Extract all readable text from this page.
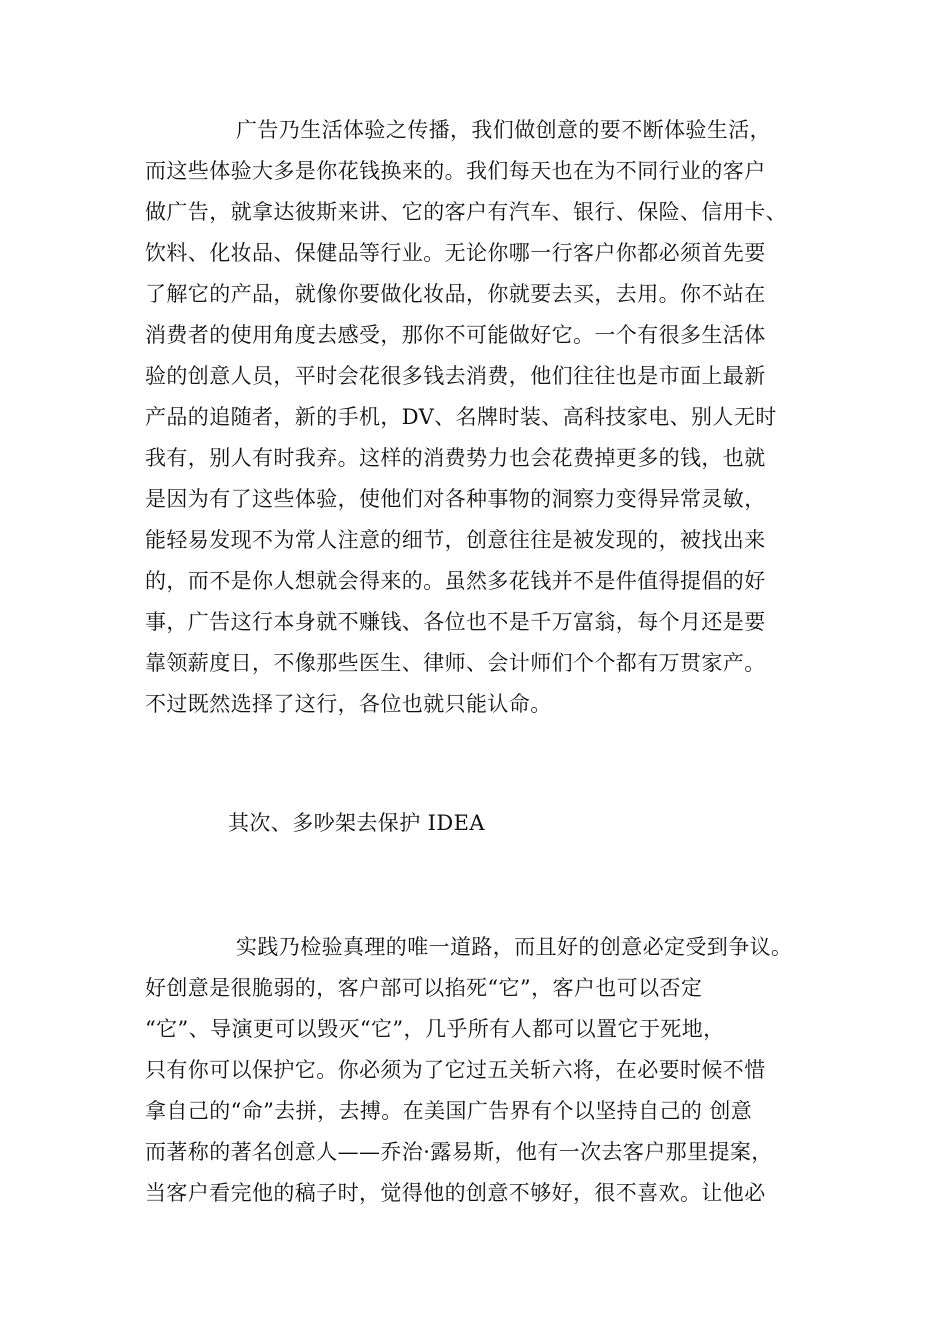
广告乃生活体验之传播，我们做创意的要不断体验生活，
而这些体验大多是你花钱换来的。我们每天也在为不同行业的客户
做广告，就拿达彼斯来讲、它的客户有汽车、银行、保险、信用卡、
饮料、化妆品、保健品等行业。无论你哪一行客户你都必须首先要
了解它的产品，就像你要做化妆品，你就要去买，去用。你不站在
消费者的使用角度去感受，那你不可能做好它。一个有很多生活体
验的创意人员，平时会花很多钱去消费，他们往往也是市面上最新
产品的追随者，新的手机，DV、名牌时装、高科技家电、别人无时
我有，别人有时我弃。这样的消费势力也会花费掉更多的钱，也就
是因为有了这些体验，使他们对各种事物的洞察力变得异常灵敏，
能轻易发现不为常人注意的细节，创意往往是被发现的，被找出来
的，而不是你人想就会得来的。虽然多花钱并不是件值得提倡的好
事，广告这行本身就不赚钱、各位也不是千万富翁，每个月还是要
靠领薪度日，不像那些医生、律师、会计师们个个都有万贯家产。
不过既然选择了这行，各位也就只能认命。
其次、多吵架去保护 IDEA
实践乃检验真理的唯一道路，而且好的创意必定受到争议。
好创意是很脆弱的，客户部可以掐死“它”，客户也可以否定
“它”、导演更可以毁灭“它”，几乎所有人都可以置它于死地，
只有你可以保护它。你必须为了它过五关斩六将，在必要时候不惜
拿自己的“命”去拼，去搏。在美国广告界有个以坚持自己的 创意
而著称的著名创意人——乔治·露易斯，他有一次去客户那里提案，
当客户看完他的稿子时，觉得他的创意不够好，很不喜欢。让他必
